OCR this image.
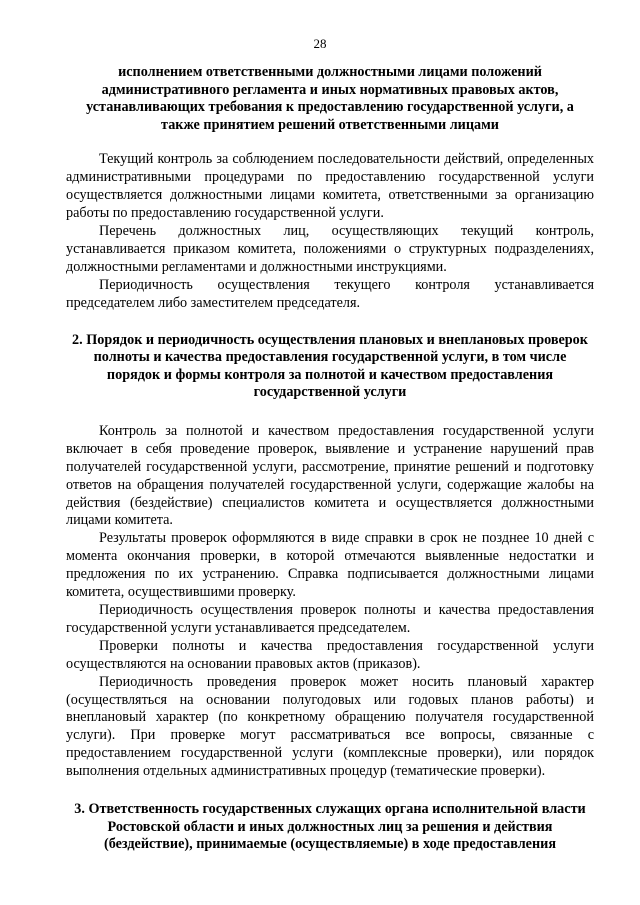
28

исполнением ответственными должностными лицами положений административного регламента и иных нормативных правовых актов, устанавливающих требования к предоставлению государственной услуги, а также принятием решений ответственными лицами

Текущий контроль за соблюдением последовательности действий, определенных административными процедурами по предоставлению государственной услуги осуществляется должностными лицами комитета, ответственными за организацию работы по предоставлению государственной услуги.

Перечень должностных лиц, осуществляющих текущий контроль, устанавливается приказом комитета, положениями о структурных подразделениях, должностными регламентами и должностными инструкциями.

Периодичность осуществления текущего контроля устанавливается председателем либо заместителем председателя.

2. Порядок и периодичность осуществления плановых и внеплановых проверок полноты и качества предоставления государственной услуги, в том числе порядок и формы контроля за полнотой и качеством предоставления государственной услуги

Контроль за полнотой и качеством предоставления государственной услуги включает в себя проведение проверок, выявление и устранение нарушений прав получателей государственной услуги, рассмотрение, принятие решений и подготовку ответов на обращения получателей государственной услуги, содержащие жалобы на действия (бездействие) специалистов комитета и осуществляется должностными лицами комитета.

Результаты проверок оформляются в виде справки в срок не позднее 10 дней с момента окончания проверки, в которой отмечаются выявленные недостатки и предложения по их устранению. Справка подписывается должностными лицами комитета, осуществившими проверку.

Периодичность осуществления проверок полноты и качества предоставления государственной услуги устанавливается председателем.

Проверки полноты и качества предоставления государственной услуги осуществляются на основании правовых актов (приказов).

Периодичность проведения проверок может носить плановый характер (осуществляться на основании полугодовых или годовых планов работы) и внеплановый характер (по конкретному обращению получателя государственной услуги). При проверке могут рассматриваться все вопросы, связанные с предоставлением государственной услуги (комплексные проверки), или порядок выполнения отдельных административных процедур (тематические проверки).

3. Ответственность государственных служащих органа исполнительной власти Ростовской области и иных должностных лиц за решения и действия (бездействие), принимаемые (осуществляемые) в ходе предоставления
